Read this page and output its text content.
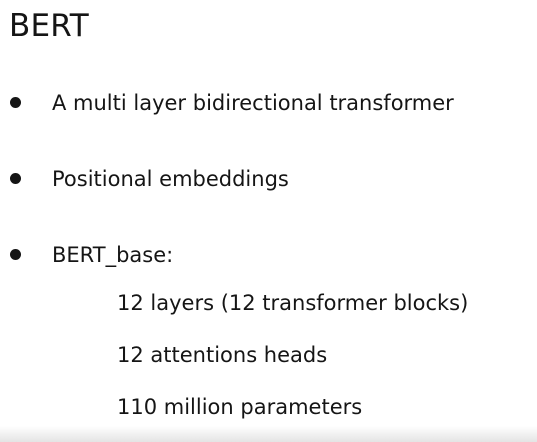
BERT
A multi layer bidirectional transformer
Positional embeddings
BERT_base:
12 layers (12 transformer blocks)
12 attentions heads
110 million parameters
